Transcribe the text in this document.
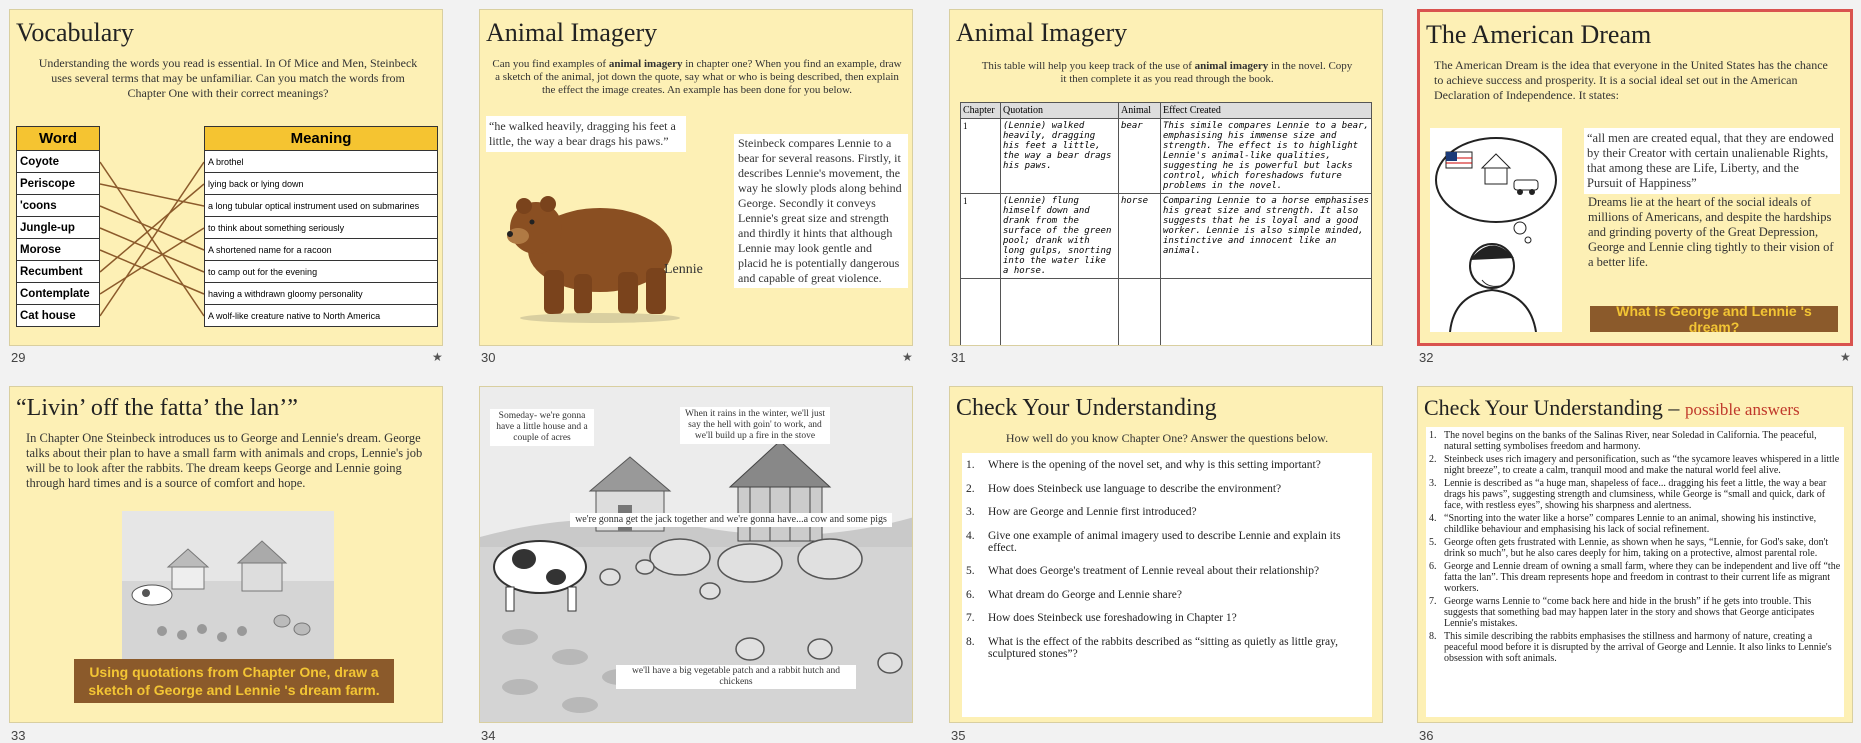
Vocabulary
Understanding the words you read is essential. In Of Mice and Men, Steinbeck uses several terms that may be unfamiliar. Can you match the words from Chapter One with their correct meanings?
Word
Coyote
Periscope
'coons
Jungle-up
Morose
Recumbent
Contemplate
Cat house
Meaning
A brothel
lying back or lying down
a long tubular optical instrument used on submarines
to think about something seriously
A shortened name for a racoon
to camp out for the evening
having a withdrawn gloomy personality
A wolf-like creature native to North America
29	★
Animal Imagery
Can you find examples of animal imagery in chapter one? When you find an example, draw a sketch of the animal, jot down the quote, say what or who is being described, then explain the effect the image creates. An example has been done for you below.
“he walked heavily, dragging his feet a little, the way a bear drags his paws.”
Lennie
Steinbeck compares Lennie to a bear for several reasons. Firstly, it describes Lennie's movement, the way he slowly plods along behind George. Secondly it conveys Lennie's great size and strength and thirdly it hints that although Lennie may look gentle and placid he is potentially dangerous and capable of great violence.
30	★
Animal Imagery
This table will help you keep track of the use of animal imagery in the novel. Copy it then complete it as you read through the book.
Chapter	Quotation	Animal	Effect Created
1	(Lennie) walked heavily, dragging his feet a little, the way a bear drags his paws.	bear	This simile compares Lennie to a bear, emphasising his immense size and strength. The effect is to highlight Lennie's animal-like qualities, suggesting he is powerful but lacks control, which foreshadows future problems in the novel.
1	(Lennie) flung himself down and drank from the surface of the green pool; drank with long gulps, snorting into the water like a horse.	horse	Comparing Lennie to a horse emphasises his great size and strength. It also suggests that he is loyal and a good worker. Lennie is also simple minded, instinctive and innocent like an animal.

31
The American Dream
The American Dream is the idea that everyone in the United States has the chance to achieve success and prosperity. It is a social ideal set out in the American Declaration of Independence. It states:
“all men are created equal, that they are endowed by their Creator with certain unalienable Rights, that among these are Life, Liberty, and the Pursuit of Happiness”
Dreams lie at the heart of the social ideals of millions of Americans, and despite the hardships and grinding poverty of the Great Depression, George and Lennie cling tightly to their vision of a better life.
What is George and Lennie 's dream?
32	★
“Livin’ off the fatta’ the lan’”
In Chapter One Steinbeck introduces us to George and Lennie's dream. George talks about their plan to have a small farm with animals and crops, Lennie's job will be to look after the rabbits. The dream keeps George and Lennie going through hard times and is a source of comfort and hope.
Using quotations from Chapter One, draw a sketch of George and Lennie 's dream farm.
33
Someday- we're gonna have a little house and a couple of acres
When it rains in the winter, we'll just say the hell with goin' to work, and we'll build up a fire in the stove
we're gonna get the jack together and we're gonna have...a cow and some pigs
we'll have a big vegetable patch and a rabbit hutch and chickens
34
Check Your Understanding
How well do you know Chapter One? Answer the questions below.
1.	Where is the opening of the novel set, and why is this setting important?
2.	How does Steinbeck use language to describe the environment?
3.	How are George and Lennie first introduced?
4.	Give one example of animal imagery used to describe Lennie and explain its effect.
5.	What does George's treatment of Lennie reveal about their relationship?
6.	What dream do George and Lennie share?
7.	How does Steinbeck use foreshadowing in Chapter 1?
8.	What is the effect of the rabbits described as “sitting as quietly as little gray, sculptured stones”?
35
Check Your Understanding – possible answers
1. The novel begins on the banks of the Salinas River, near Soledad in California. The peaceful, natural setting symbolises freedom and harmony.
2. Steinbeck uses rich imagery and personification, such as “the sycamore leaves whispered in a little night breeze”, to create a calm, tranquil mood and make the natural world feel alive.
3. Lennie is described as “a huge man, shapeless of face... dragging his feet a little, the way a bear drags his paws”, suggesting strength and clumsiness, while George is “small and quick, dark of face, with restless eyes”, showing his sharpness and alertness.
4. “Snorting into the water like a horse” compares Lennie to an animal, showing his instinctive, childlike behaviour and emphasising his lack of social refinement.
5. George often gets frustrated with Lennie, as shown when he says, “Lennie, for God's sake, don't drink so much”, but he also cares deeply for him, taking on a protective, almost parental role.
6. George and Lennie dream of owning a small farm, where they can be independent and live off “the fatta the lan”. This dream represents hope and freedom in contrast to their current life as migrant workers.
7. George warns Lennie to “come back here and hide in the brush” if he gets into trouble. This suggests that something bad may happen later in the story and shows that George anticipates Lennie's mistakes.
8. This simile describing the rabbits emphasises the stillness and harmony of nature, creating a peaceful mood before it is disrupted by the arrival of George and Lennie. It also links to Lennie's obsession with soft animals.
36
